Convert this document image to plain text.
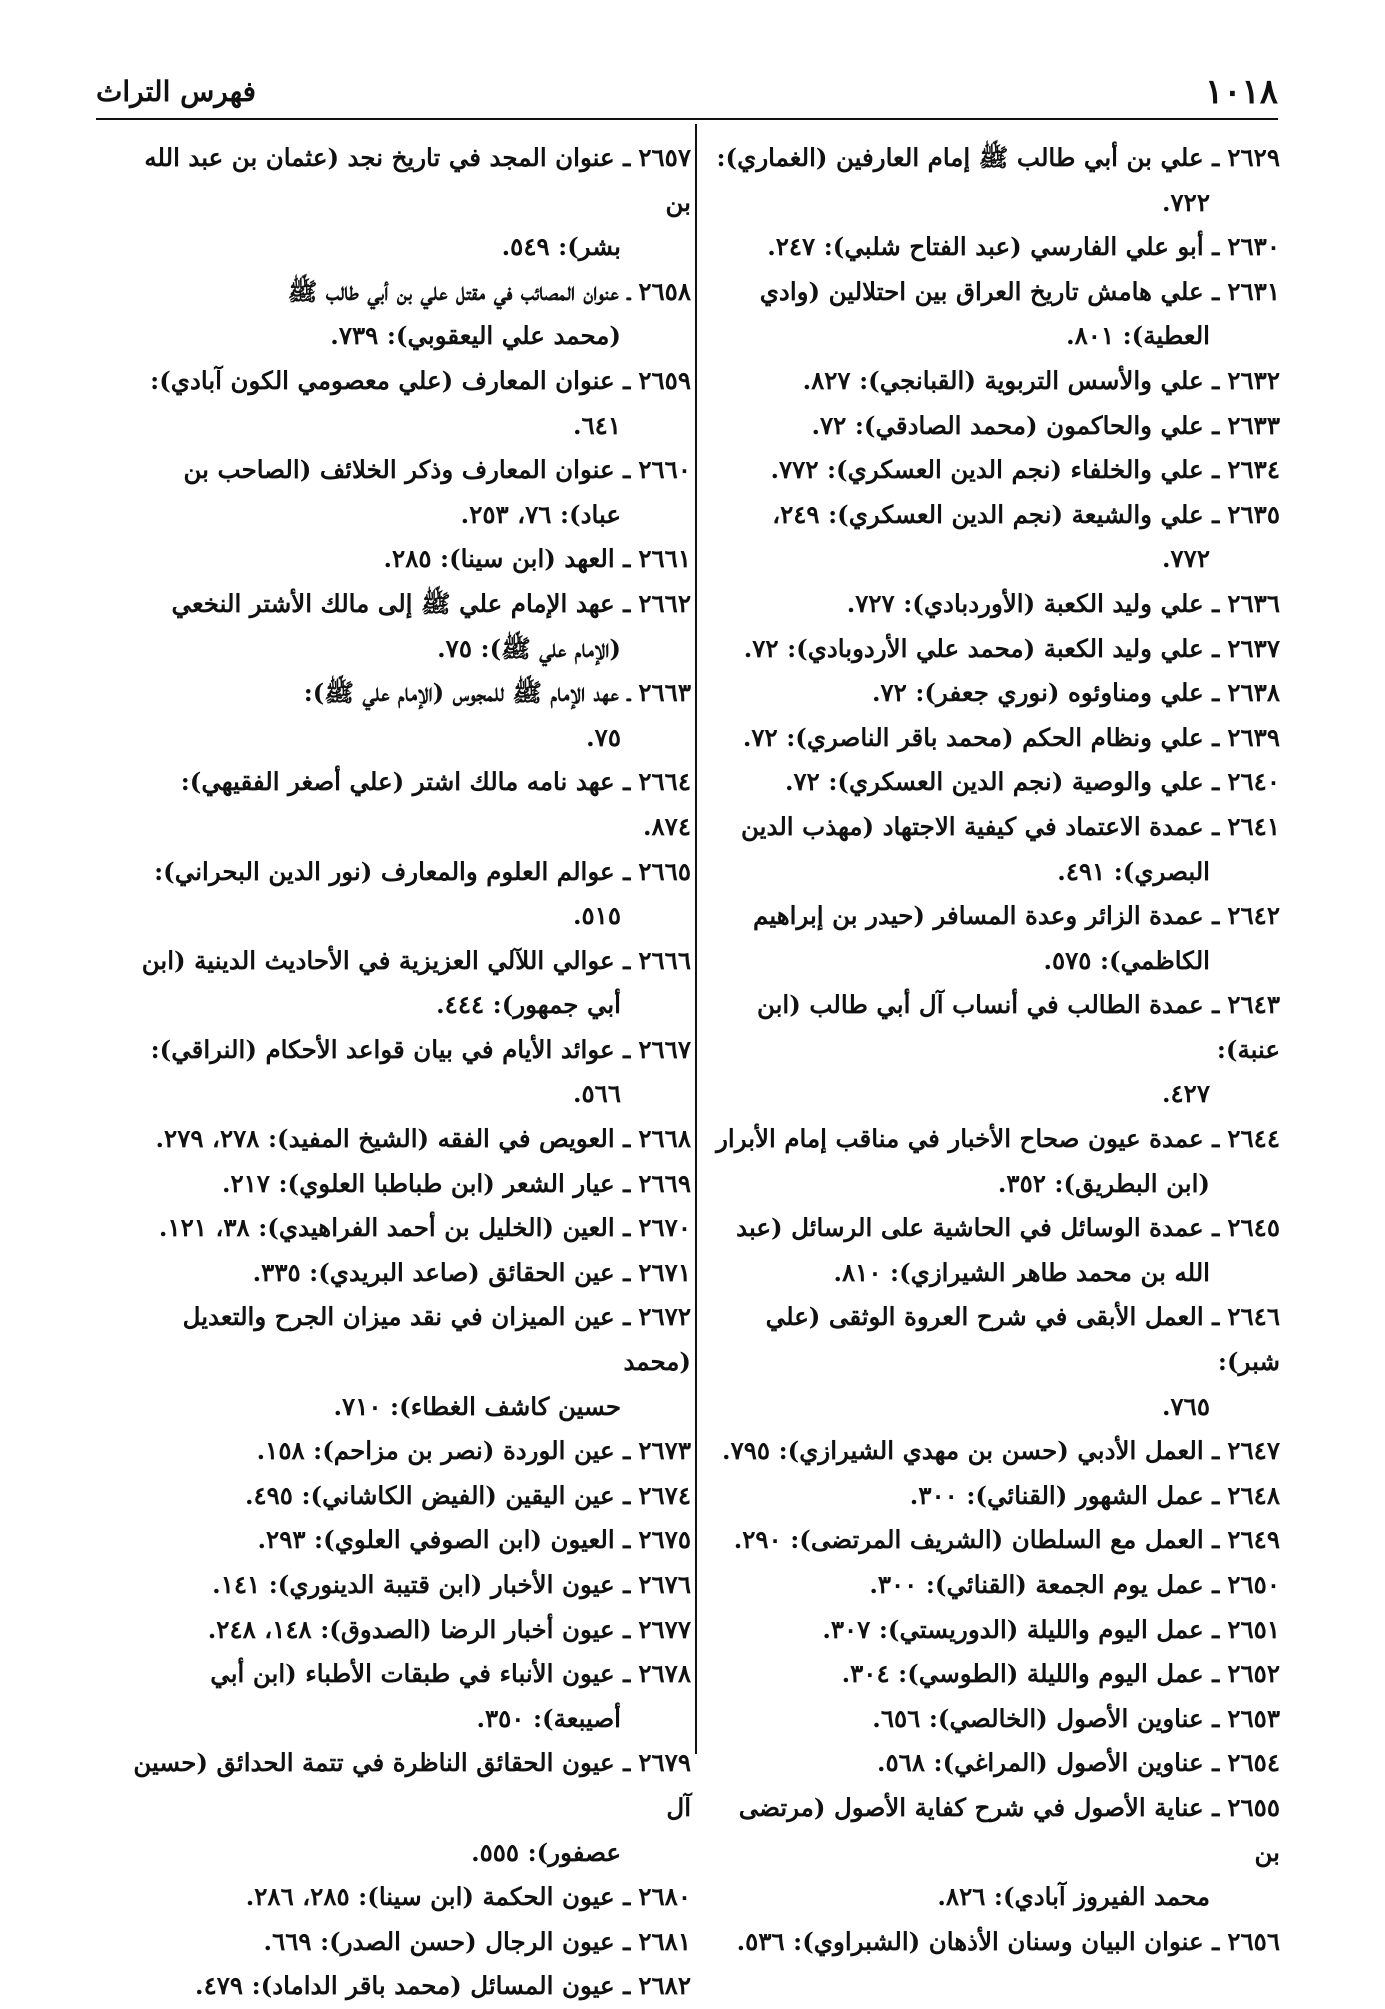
١٠١٨
فهرس التراث

٢٦٢٩ـ علي بن أبي طالب ﷺ إمام العارفين (الغماري):
٧٢٢.

٢٦٣٠ـ أبو علي الفارسي (عبد الفتاح شلبي): ٢٤٧.

٢٦٣١ـ علي هامش تاريخ العراق بين احتلالين (وادي
العطية): ٨٠١.

٢٦٣٢ـ علي والأسس التربوية (القبانجي): ٨٢٧.

٢٦٣٣ـ علي والحاكمون (محمد الصادقي): ٧٢.

٢٦٣٤ـ علي والخلفاء (نجم الدين العسكري): ٧٧٢.

٢٦٣٥ـ علي والشيعة (نجم الدين العسكري): ٢٤٩،
٧٧٢.

٢٦٣٦ـ علي وليد الكعبة (الأوردبادي): ٧٢٧.

٢٦٣٧ـ علي وليد الكعبة (محمد علي الأردوبادي): ٧٢.

٢٦٣٨ـ علي ومناوئوه (نوري جعفر): ٧٢.

٢٦٣٩ـ علي ونظام الحكم (محمد باقر الناصري): ٧٢.

٢٦٤٠ـ علي والوصية (نجم الدين العسكري): ٧٢.

٢٦٤١ـ عمدة الاعتماد في كيفية الاجتهاد (مهذب الدين
البصري): ٤٩١.

٢٦٤٢ـ عمدة الزائر وعدة المسافر (حيدر بن إبراهيم
الكاظمي): ٥٧٥.

٢٦٤٣ـ عمدة الطالب في أنساب آل أبي طالب (ابن عنبة):
٤٢٧.

٢٦٤٤ـ عمدة عيون صحاح الأخبار في مناقب إمام الأبرار
(ابن البطريق): ٣٥٢.

٢٦٤٥ـ عمدة الوسائل في الحاشية على الرسائل (عبد
الله بن محمد طاهر الشيرازي): ٨١٠.

٢٦٤٦ـ العمل الأبقى في شرح العروة الوثقى (علي شبر):
٧٦٥.

٢٦٤٧ـ العمل الأدبي (حسن بن مهدي الشيرازي): ٧٩٥.

٢٦٤٨ـ عمل الشهور (القنائي): ٣٠٠.

٢٦٤٩ـ العمل مع السلطان (الشريف المرتضى): ٢٩٠.

٢٦٥٠ـ عمل يوم الجمعة (القنائي): ٣٠٠.

٢٦٥١ـ عمل اليوم والليلة (الدوريستي): ٣٠٧.

٢٦٥٢ـ عمل اليوم والليلة (الطوسي): ٣٠٤.

٢٦٥٣ـ عناوين الأصول (الخالصي): ٦٥٦.

٢٦٥٤ـ عناوين الأصول (المراغي): ٥٦٨.

٢٦٥٥ـ عناية الأصول في شرح كفاية الأصول (مرتضى بن
محمد الفيروز آبادي): ٨٢٦.

٢٦٥٦ـ عنوان البيان وسنان الأذهان (الشبراوي): ٥٣٦.

٢٦٥٧ـ عنوان المجد في تاريخ نجد (عثمان بن عبد الله بن
بشر): ٥٤٩.

٢٦٥٨ـ عنوان المصائب في مقتل علي بن أبي طالب ﷺ
(محمد علي اليعقوبي): ٧٣٩.

٢٦٥٩ـ عنوان المعارف (علي معصومي الكون آبادي):
٦٤١.

٢٦٦٠ـ عنوان المعارف وذكر الخلائف (الصاحب بن
عباد): ٧٦، ٢٥٣.

٢٦٦١ـ العهد (ابن سينا): ٢٨٥.

٢٦٦٢ـ عهد الإمام علي ﷺ إلى مالك الأشتر النخعي
(الإمام علي ﷺ): ٧٥.

٢٦٦٣ـ عهد الإمام ﷺ للمجوس (الإمام علي ﷺ):
٧٥.

٢٦٦٤ـ عهد نامه مالك اشتر (علي أصغر الفقيهي): ٨٧٤.

٢٦٦٥ـ عوالم العلوم والمعارف (نور الدين البحراني):
٥١٥.

٢٦٦٦ـ عوالي اللآلي العزيزية في الأحاديث الدينية (ابن
أبي جمهور): ٤٤٤.

٢٦٦٧ـ عوائد الأيام في بيان قواعد الأحكام (النراقي):
٥٦٦.

٢٦٦٨ـ العويص في الفقه (الشيخ المفيد): ٢٧٨، ٢٧٩.

٢٦٦٩ـ عيار الشعر (ابن طباطبا العلوي): ٢١٧.

٢٦٧٠ـ العين (الخليل بن أحمد الفراهيدي): ٣٨، ١٢١.

٢٦٧١ـ عين الحقائق (صاعد البريدي): ٣٣٥.

٢٦٧٢ـ عين الميزان في نقد ميزان الجرح والتعديل (محمد
حسين كاشف الغطاء): ٧١٠.

٢٦٧٣ـ عين الوردة (نصر بن مزاحم): ١٥٨.

٢٦٧٤ـ عين اليقين (الفيض الكاشاني): ٤٩٥.

٢٦٧٥ـ العيون (ابن الصوفي العلوي): ٢٩٣.

٢٦٧٦ـ عيون الأخبار (ابن قتيبة الدينوري): ١٤١.

٢٦٧٧ـ عيون أخبار الرضا (الصدوق): ١٤٨، ٢٤٨.

٢٦٧٨ـ عيون الأنباء في طبقات الأطباء (ابن أبي
أصيبعة): ٣٥٠.

٢٦٧٩ـ عيون الحقائق الناظرة في تتمة الحدائق (حسين آل
عصفور): ٥٥٥.

٢٦٨٠ـ عيون الحكمة (ابن سينا): ٢٨٥، ٢٨٦.

٢٦٨١ـ عيون الرجال (حسن الصدر): ٦٦٩.

٢٦٨٢ـ عيون المسائل (محمد باقر الداماد): ٤٧٩.
